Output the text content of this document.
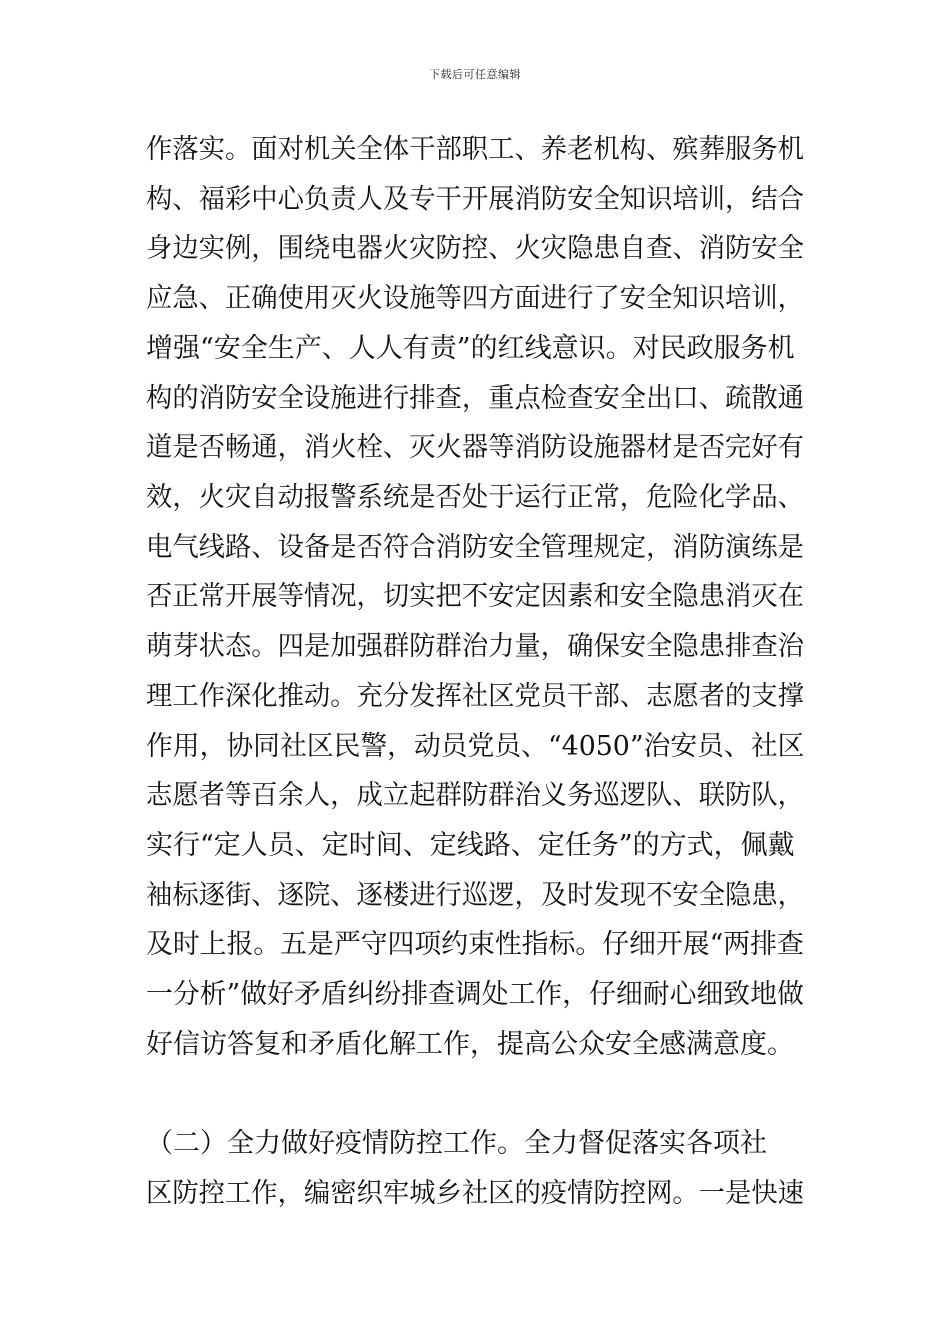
下载后可任意编辑
作落实。面对机关全体干部职工、养老机构、殡葬服务机
构、福彩中心负责人及专干开展消防安全知识培训，结合
身边实例，围绕电器火灾防控、火灾隐患自查、消防安全
应急、正确使用灭火设施等四方面进行了安全知识培训，
增强“安全生产、人人有责”的红线意识。对民政服务机
构的消防安全设施进行排查，重点检查安全出口、疏散通
道是否畅通，消火栓、灭火器等消防设施器材是否完好有
效，火灾自动报警系统是否处于运行正常，危险化学品、
电气线路、设备是否符合消防安全管理规定，消防演练是
否正常开展等情况，切实把不安定因素和安全隐患消灭在
萌芽状态。四是加强群防群治力量，确保安全隐患排查治
理工作深化推动。充分发挥社区党员干部、志愿者的支撑
作用，协同社区民警，动员党员、“4050”治安员、社区
志愿者等百余人，成立起群防群治义务巡逻队、联防队，
实行“定人员、定时间、定线路、定任务”的方式，佩戴
袖标逐街、逐院、逐楼进行巡逻，及时发现不安全隐患，
及时上报。五是严守四项约束性指标。仔细开展“两排查
一分析”做好矛盾纠纷排查调处工作，仔细耐心细致地做
好信访答复和矛盾化解工作，提高公众安全感满意度。
（二）全力做好疫情防控工作。全力督促落实各项社
区防控工作，编密织牢城乡社区的疫情防控网。一是快速
